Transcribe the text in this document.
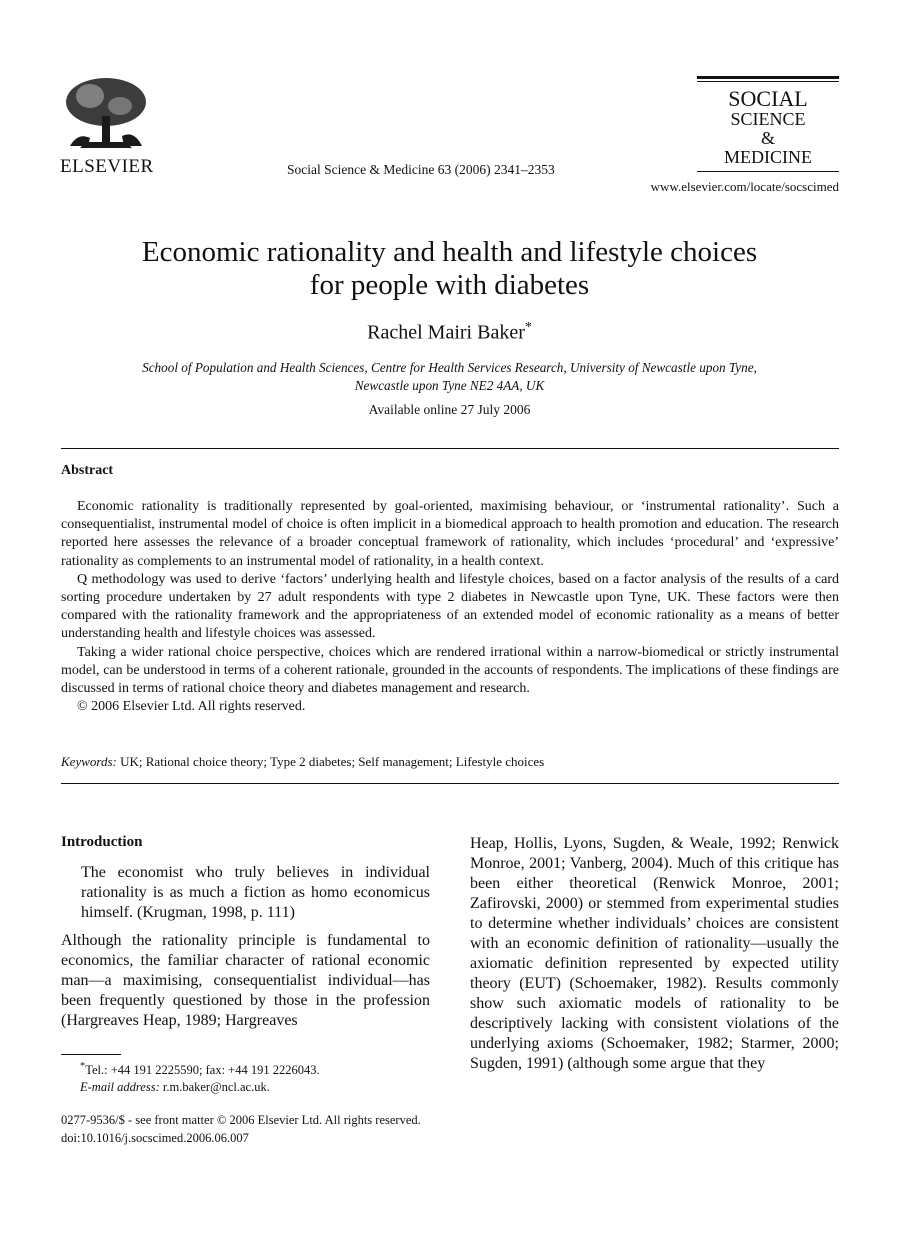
ELSEVIER	Social Science & Medicine 63 (2006) 2341–2353
SOCIAL
SCIENCE
&
MEDICINE
www.elsevier.com/locate/socscimed
Economic rationality and health and lifestyle choices
for people with diabetes
Rachel Mairi Baker*
School of Population and Health Sciences, Centre for Health Services Research, University of Newcastle upon Tyne,
Newcastle upon Tyne NE2 4AA, UK
Available online 27 July 2006
Abstract

Economic rationality is traditionally represented by goal-oriented, maximising behaviour, or ‘instrumental rationality’. Such a consequentialist, instrumental model of choice is often implicit in a biomedical approach to health promotion and education. The research reported here assesses the relevance of a broader conceptual framework of rationality, which includes ‘procedural’ and ‘expressive’ rationality as complements to an instrumental model of rationality, in a health context.

Q methodology was used to derive ‘factors’ underlying health and lifestyle choices, based on a factor analysis of the results of a card sorting procedure undertaken by 27 adult respondents with type 2 diabetes in Newcastle upon Tyne, UK. These factors were then compared with the rationality framework and the appropriateness of an extended model of economic rationality as a means of better understanding health and lifestyle choices was assessed.

Taking a wider rational choice perspective, choices which are rendered irrational within a narrow-biomedical or strictly instrumental model, can be understood in terms of a coherent rationale, grounded in the accounts of respondents. The implications of these findings are discussed in terms of rational choice theory and diabetes management and research.

© 2006 Elsevier Ltd. All rights reserved.

Keywords: UK; Rational choice theory; Type 2 diabetes; Self management; Lifestyle choices
Introduction

The economist who truly believes in individual rationality is as much a fiction as homo economicus himself. (Krugman, 1998, p. 111)

Although the rationality principle is fundamental to economics, the familiar character of rational economic man—a maximising, consequentialist individual—has been frequently questioned by those in the profession (Hargreaves Heap, 1989; Hargreaves

Heap, Hollis, Lyons, Sugden, & Weale, 1992; Renwick Monroe, 2001; Vanberg, 2004). Much of this critique has been either theoretical (Renwick Monroe, 2001; Zafirovski, 2000) or stemmed from experimental studies to determine whether individuals’ choices are consistent with an economic definition of rationality—usually the axiomatic definition represented by expected utility theory (EUT) (Schoemaker, 1982). Results commonly show such axiomatic models of rationality to be descriptively lacking with consistent violations of the underlying axioms (Schoemaker, 1982; Starmer, 2000; Sugden, 1991) (although some argue that they

*Tel.: +44 191 2225590; fax: +44 191 2226043.
E-mail address: r.m.baker@ncl.ac.uk.
0277-9536/$ - see front matter © 2006 Elsevier Ltd. All rights reserved.
doi:10.1016/j.socscimed.2006.06.007
